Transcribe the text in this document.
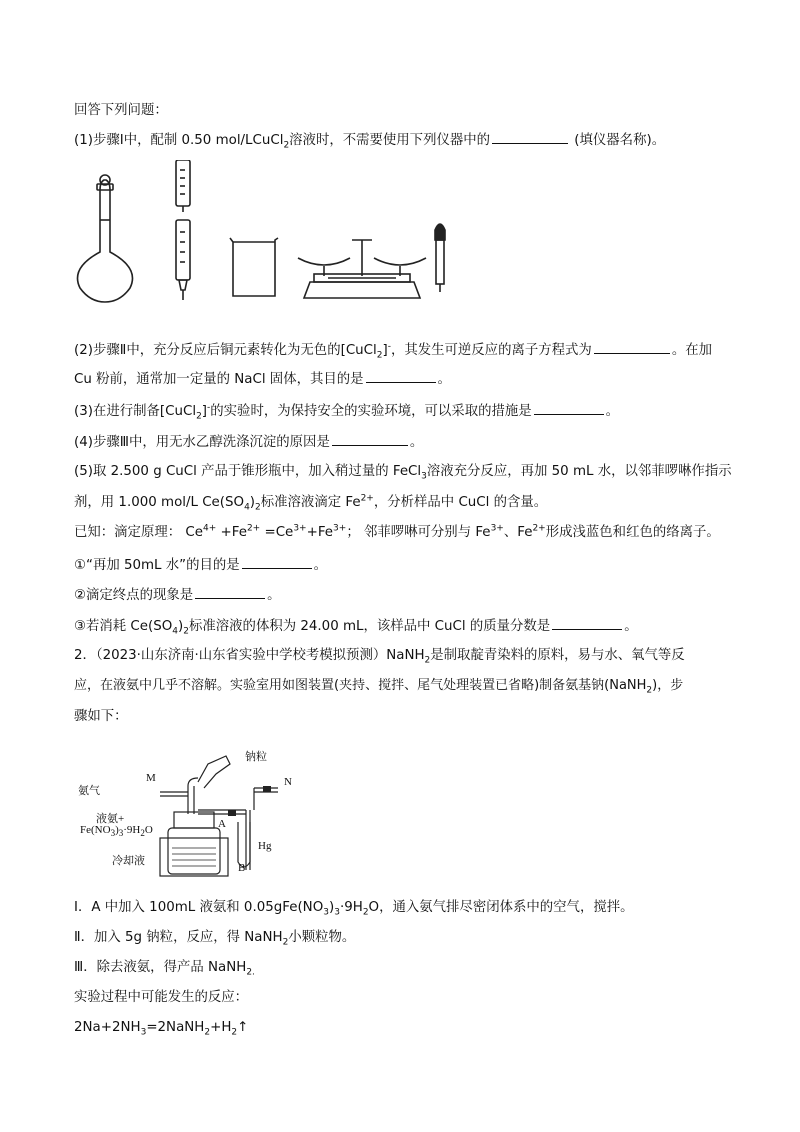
回答下列问题：
(1)步骤Ⅰ中，配制 0.50 mol/LCuCl$_2$溶液时，不需要使用下列仪器中的	(填仪器名称)。
(2)步骤Ⅱ中，充分反应后铜元素转化为无色的[CuCl$_2$]-，其发生可逆反应的离子方程式为	。在加
Cu 粉前，通常加一定量的 NaCl 固体，其目的是	。
(3)在进行制备[CuCl$_2$]-的实验时，为保持安全的实验环境，可以采取的措施是	。
(4)步骤Ⅲ中，用无水乙醇洗涤沉淀的原因是	。
(5)取 2.500 g CuCl 产品于锥形瓶中，加入稍过量的 FeCl$_3$溶液充分反应，再加 50 mL 水，以邻菲啰啉作指示
剂，用 1.000 mol/L $Ce(SO_4)_2$标准溶液滴定 $Fe^{2+}$，分析样品中 CuCl 的含量。
已知：滴定原理： $Ce^{4+} +Fe^{2+} =Ce^{3+}+Fe^{3+}$； 邻菲啰啉可分别与 $Fe^{3+}$、$Fe^{2+}$形成浅蓝色和红色的络离子。
①“再加 50mL 水”的目的是	。
②滴定终点的现象是	。
③若消耗 $Ce(SO_4)_2$标准溶液的体积为 24.00 mL，该样品中 CuCl 的质量分数是	。
2．（2023·山东济南·山东省实验中学校考模拟预测）NaNH$_2$是制取靛青染料的原料，易与水、氧气等反
应，在液氨中几乎不溶解。实验室用如图装置(夹持、搅拌、尾气处理装置已省略)制备氨基钠(NaNH$_2$)，步
骤如下：
钠粒
氨气
M	N
液氨+
$Fe(NO_3)_3\cdot 9H_2O$	A
Hg
B
冷却液
Ⅰ．A 中加入 100mL 液氨和 $0.05gFe(NO_3)_3\cdot 9H_2O$，通入氨气排尽密闭体系中的空气，搅拌。
Ⅱ．加入 5g 钠粒，反应，得 NaNH$_2$小颗粒物。
Ⅲ．除去液氨，得产品 NaNH$_{2.}$
实验过程中可能发生的反应：
$2Na+2NH_3=2NaNH_2+H_2↑$
